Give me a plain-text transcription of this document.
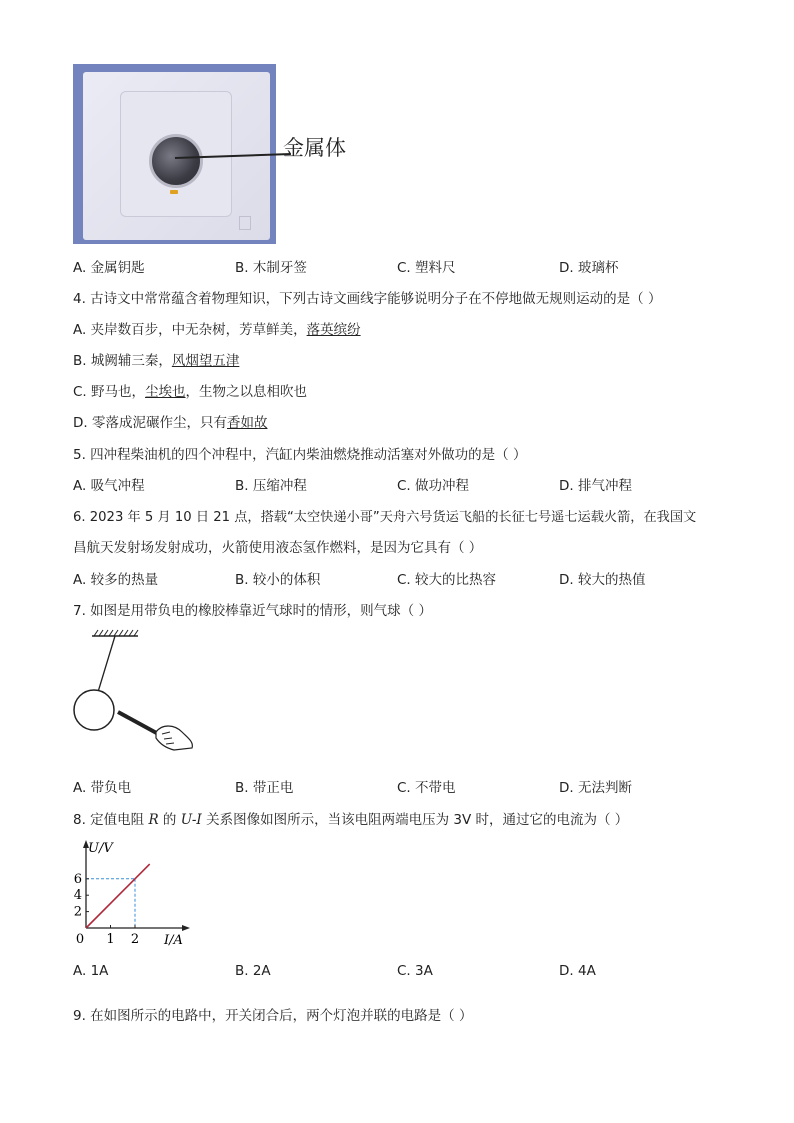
金属体
A. 金属钥匙	B. 木制牙签	C. 塑料尺	D. 玻璃杯
4. 古诗文中常常蕴含着物理知识，下列古诗文画线字能够说明分子在不停地做无规则运动的是（ ）
A. 夹岸数百步，中无杂树，芳草鲜美，落英缤纷
B. 城阙辅三秦，风烟望五津
C. 野马也，尘埃也，生物之以息相吹也
D. 零落成泥碾作尘，只有香如故
5. 四冲程柴油机的四个冲程中，汽缸内柴油燃烧推动活塞对外做功的是（ ）
A. 吸气冲程	B. 压缩冲程	C. 做功冲程	D. 排气冲程
6. 2023 年 5 月 10 日 21 点，搭载“太空快递小哥”天舟六号货运飞船的长征七号遥七运载火箭，在我国文
昌航天发射场发射成功，火箭使用液态氢作燃料，是因为它具有（ ）
A. 较多的热量	B. 较小的体积	C. 较大的比热容	D. 较大的热值
7. 如图是用带负电的橡胶棒靠近气球时的情形，则气球（ ）
A. 带负电	B. 带正电	C. 不带电	D. 无法判断
8. 定值电阻 R 的 U-I 关系图像如图所示，当该电阻两端电压为 3V 时，通过它的电流为（ ）
2
4
6
0 1 2
U/V
I/A
A. 1A	B. 2A	C. 3A	D. 4A
9. 在如图所示的电路中，开关闭合后，两个灯泡并联的电路是（ ）
